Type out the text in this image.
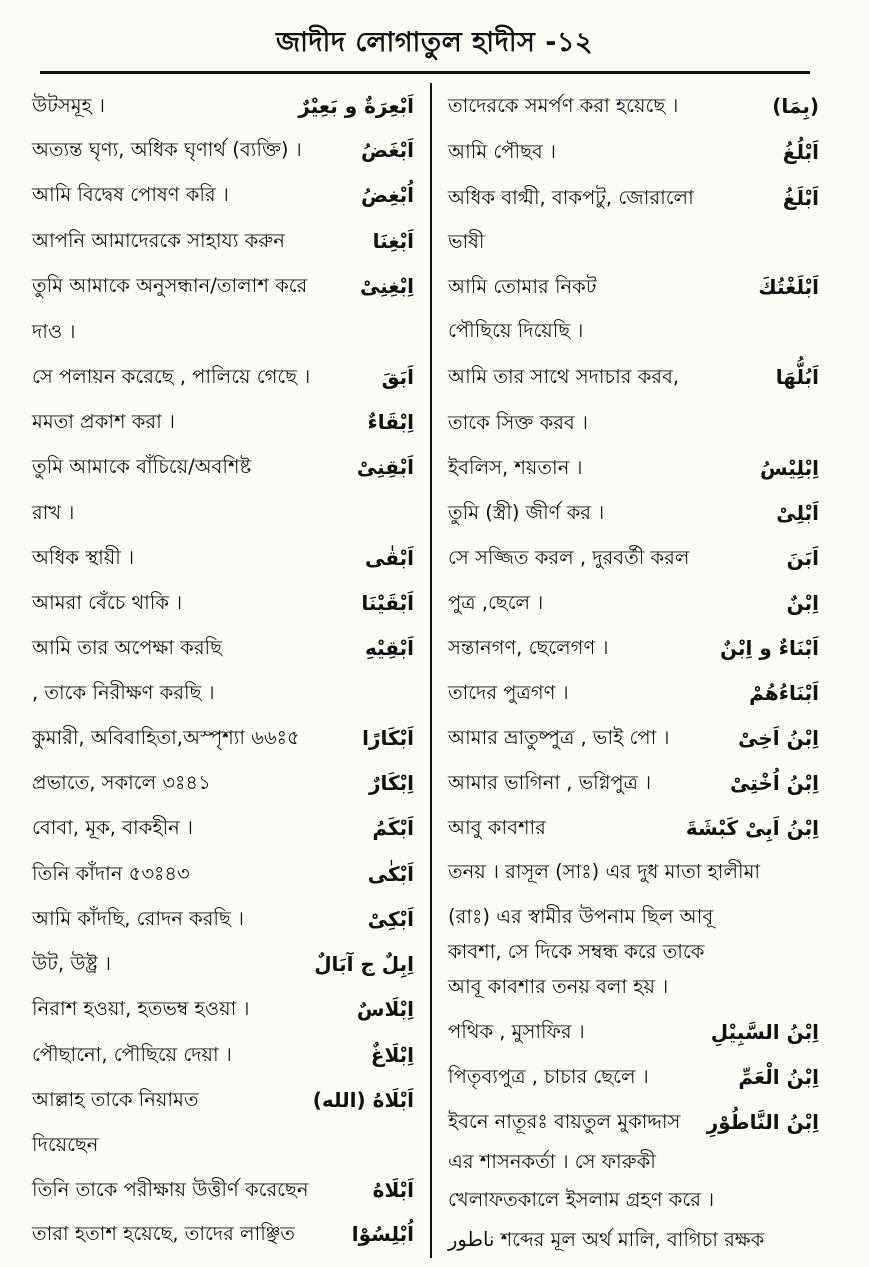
জাদীদ লোগাতুল হাদীস -১২
উটসমূহ ।	اَبْعِرَةٌ و بَعِيْرٌ
অত্যন্ত ঘৃণ্য, অধিক ঘৃণার্থ (ব্যক্তি) ।	اَبْغَضُ
আমি বিদ্বেষ পোষণ করি ।	اُبْغِضُ
আপনি আমাদেরকে সাহায্য করুন	اَبْغِنَا
তুমি আমাকে অনুসন্ধান/তালাশ করে	اِبْغِنِىْ
দাও ।
সে পলায়ন করেছে , পালিয়ে গেছে ।	اَبَقَ
মমতা প্রকাশ করা ।	اِبْقَاءٌ
তুমি আমাকে বাঁচিয়ে/অবশিষ্ট	اَبْقِنِىْ
রাখ ।
অধিক স্থায়ী ।	اَبْقٰى
আমরা বেঁচে থাকি ।	اَبْقَيْنَا
আমি তার অপেক্ষা করছি	اَبْقِيْهِ
, তাকে নিরীক্ষণ করছি ।
কুমারী, অবিবাহিতা,অস্পৃশ্যা ৬৬ঃ৫	اَبْكَارًا
প্রভাতে, সকালে ৩ঃ৪১	اِبْكَارٌ
বোবা, মূক, বাকহীন ।	اَبْكَمُ
তিনি কাঁদান ৫৩ঃ৪৩	اَبْكٰى
আমি কাঁদছি, রোদন করছি ।	اَبْكِىْ
উট, উষ্ট্র ।	اِبِلٌ ج آبَالٌ
নিরাশ হওয়া, হতভম্ব হওয়া ।	اِبْلَاسٌ
পৌছানো, পৌছিয়ে দেয়া ।	اِبْلَاغٌ
আল্লাহ তাকে নিয়ামত	اَبْلَاهُ (الله)
দিয়েছেন
তিনি তাকে পরীক্ষায় উত্তীর্ণ করেছেন	اَبْلَاهُ
তারা হতাশ হয়েছে, তাদের লাঞ্ছিত	اُبْلِسُوْا
তাদেরকে সমর্পণ করা হয়েছে ।	(بِمَا)
আমি পৌছব ।	اَبْلُغُ
অধিক বাগ্মী, বাকপটু, জোরালো	اَبْلَغُ
ভাষী
আমি তোমার নিকট	اَبْلَغْتُكَ
পৌছিয়ে দিয়েছি ।
আমি তার সাথে সদাচার করব,	اَبُلُّهَا
তাকে সিক্ত করব ।
ইবলিস, শয়তান ।	اِبْلِيْسُ
তুমি (স্ত্রী) জীর্ণ কর ।	اَبْلِىْ
সে সজ্জিত করল , দুরবর্তী করল	اَبَنَ
পুত্র ,ছেলে ।	اِبْنٌ
সন্তানগণ, ছেলেগণ ।	اَبْنَاءٌ و اِبْنٌ
তাদের পুত্রগণ ।	اَبْنَاءُهُمْ
আমার ভ্রাতুষ্পুত্র , ভাই পো ।	اِبْنُ اَخِىْ
আমার ভাগিনা , ভগ্নিপুত্র ।	اِبْنُ اُخْتِىْ
আবু কাবশার	اِبْنُ اَبِىْ كَبْشَةَ
তনয় । রাসূল (সাঃ) এর দুধ মাতা হালীমা
(রাঃ) এর স্বামীর উপনাম ছিল আবূ
কাবশা, সে দিকে সম্বন্ধ করে তাকে
আবূ কাবশার তনয় বলা হয় ।
পথিক , মুসাফির ।	اِبْنُ السَّبِيْلِ
পিতৃব্যপুত্র , চাচার ছেলে ।	اِبْنُ الْعَمِّ
ইবনে নাতূরঃ বায়তুল মুকাদ্দাস اِبْنُ النَّاطُوْرِ
এর শাসনকর্তা । সে ফারুকী
খেলাফতকালে ইসলাম গ্রহণ করে ।
ناطور শব্দের মূল অর্থ মালি, বাগিচা রক্ষক
